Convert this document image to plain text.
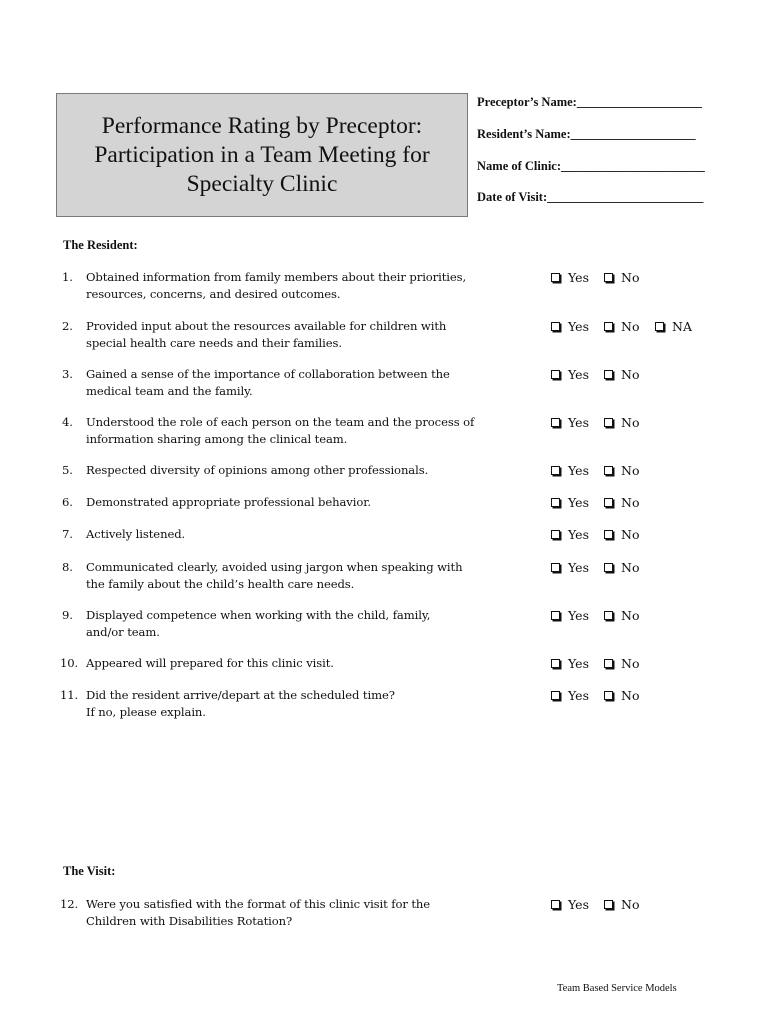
Performance Rating by Preceptor:
Participation in a Team Meeting for
Specialty Clinic
Preceptor’s Name:____________________
Resident’s Name:____________________
Name of Clinic:_______________________
Date of Visit:_________________________
The Resident:
1. Obtained information from family members about their priorities,
resources, concerns, and desired outcomes.
Yes	No
2. Provided input about the resources available for children with
special health care needs and their families.
Yes	No	NA
3. Gained a sense of the importance of collaboration between the
medical team and the family.
Yes	No
4. Understood the role of each person on the team and the process of
information sharing among the clinical team.
Yes	No
5. Respected diversity of opinions among other professionals.	Yes	No
6. Demonstrated appropriate professional behavior.	Yes	No
7. Actively listened.	Yes	No
8. Communicated clearly, avoided using jargon when speaking with
the family about the child’s health care needs.
Yes	No
9. Displayed competence when working with the child, family,
and/or team.
Yes	No
10. Appeared will prepared for this clinic visit.	Yes	No
11. Did the resident arrive/depart at the scheduled time?
If no, please explain.
Yes	No
The Visit:
12. Were you satisfied with the format of this clinic visit for the
Children with Disabilities Rotation?
Yes	No
Team Based Service Models
